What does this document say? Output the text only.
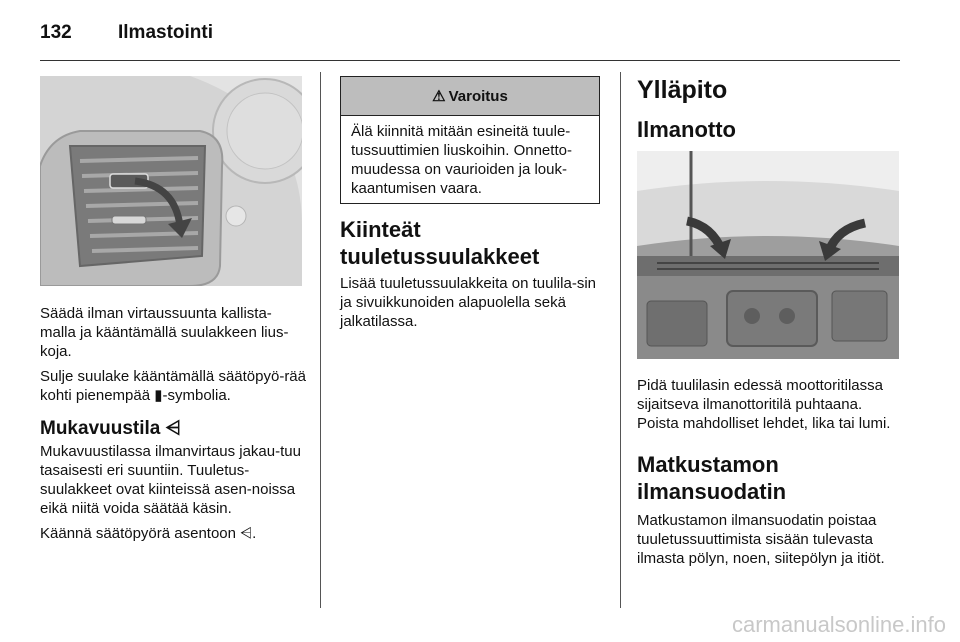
132 Ilmastointi

Säädä ilman virtaussuunta kallista-malla ja kääntämällä suulakkeen lius-koja.

Sulje suulake kääntämällä säätöpyö-rää kohti pienempää ▮-symbolia.

Mukavuustila ⩤

Mukavuustilassa ilmanvirtaus jakau-tuu tasaisesti eri suuntiin. Tuuletus-suulakkeet ovat kiinteissä asen-noissa eikä niitä voida säätää käsin.

Käännä säätöpyörä asentoon ⩤.

⚠ Varoitus
Älä kiinnitä mitään esineitä tuule-tussuuttimien liuskoihin. Onnetto-muudessa on vaurioiden ja louk-kaantumisen vaara.

Kiinteät

tuuletussuulakkeet

Lisää tuuletussuulakkeita on tuulila-sin ja sivuikkunoiden alapuolella sekä jalkatilassa.

Ylläpito

Ilmanotto

Pidä tuulilasin edessä moottoritilassa sijaitseva ilmanottoritilä puhtaana. Poista mahdolliset lehdet, lika tai lumi.

Matkustamon

ilmansuodatin

Matkustamon ilmansuodatin poistaa tuuletussuuttimista sisään tulevasta ilmasta pölyn, noen, siitepölyn ja itiöt.

carmanualsonline.info
